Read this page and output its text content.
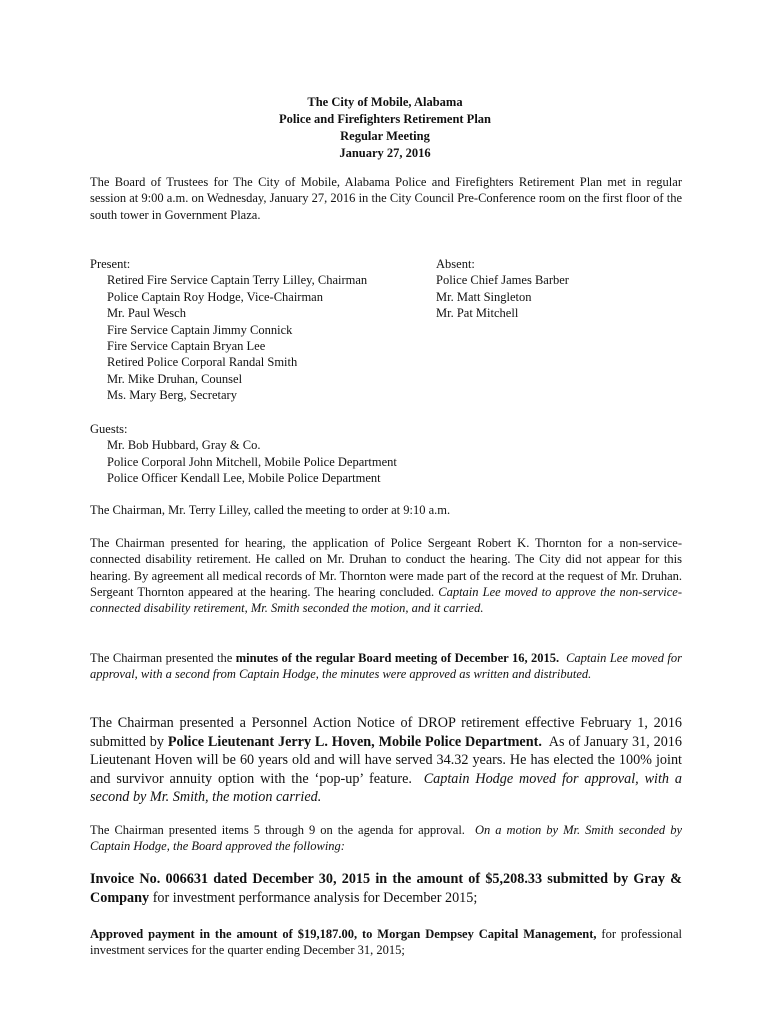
The City of Mobile, Alabama
Police and Firefighters Retirement Plan
Regular Meeting
January 27, 2016
The Board of Trustees for The City of Mobile, Alabama Police and Firefighters Retirement Plan met in regular session at 9:00 a.m. on Wednesday, January 27, 2016 in the City Council Pre-Conference room on the first floor of the south tower in Government Plaza.
Present:
Retired Fire Service Captain Terry Lilley, Chairman
Police Captain Roy Hodge, Vice-Chairman
Mr. Paul Wesch
Fire Service Captain Jimmy Connick
Fire Service Captain Bryan Lee
Retired Police Corporal Randal Smith
Mr. Mike Druhan, Counsel
Ms. Mary Berg, Secretary
Absent:
Police Chief James Barber
Mr. Matt Singleton
Mr. Pat Mitchell
Guests:
Mr. Bob Hubbard, Gray & Co.
Police Corporal John Mitchell, Mobile Police Department
Police Officer Kendall Lee, Mobile Police Department
The Chairman, Mr. Terry Lilley, called the meeting to order at 9:10 a.m.
The Chairman presented for hearing, the application of Police Sergeant Robert K. Thornton for a non-service-connected disability retirement. He called on Mr. Druhan to conduct the hearing. The City did not appear for this hearing. By agreement all medical records of Mr. Thornton were made part of the record at the request of Mr. Druhan. Sergeant Thornton appeared at the hearing. The hearing concluded. Captain Lee moved to approve the non-service-connected disability retirement, Mr. Smith seconded the motion, and it carried.
The Chairman presented the minutes of the regular Board meeting of December 16, 2015. Captain Lee moved for approval, with a second from Captain Hodge, the minutes were approved as written and distributed.
The Chairman presented a Personnel Action Notice of DROP retirement effective February 1, 2016 submitted by Police Lieutenant Jerry L. Hoven, Mobile Police Department. As of January 31, 2016 Lieutenant Hoven will be 60 years old and will have served 34.32 years. He has elected the 100% joint and survivor annuity option with the ‘pop-up’ feature. Captain Hodge moved for approval, with a second by Mr. Smith, the motion carried.
The Chairman presented items 5 through 9 on the agenda for approval. On a motion by Mr. Smith seconded by Captain Hodge, the Board approved the following:
Invoice No. 006631 dated December 30, 2015 in the amount of $5,208.33 submitted by Gray & Company for investment performance analysis for December 2015;
Approved payment in the amount of $19,187.00, to Morgan Dempsey Capital Management, for professional investment services for the quarter ending December 31, 2015;
